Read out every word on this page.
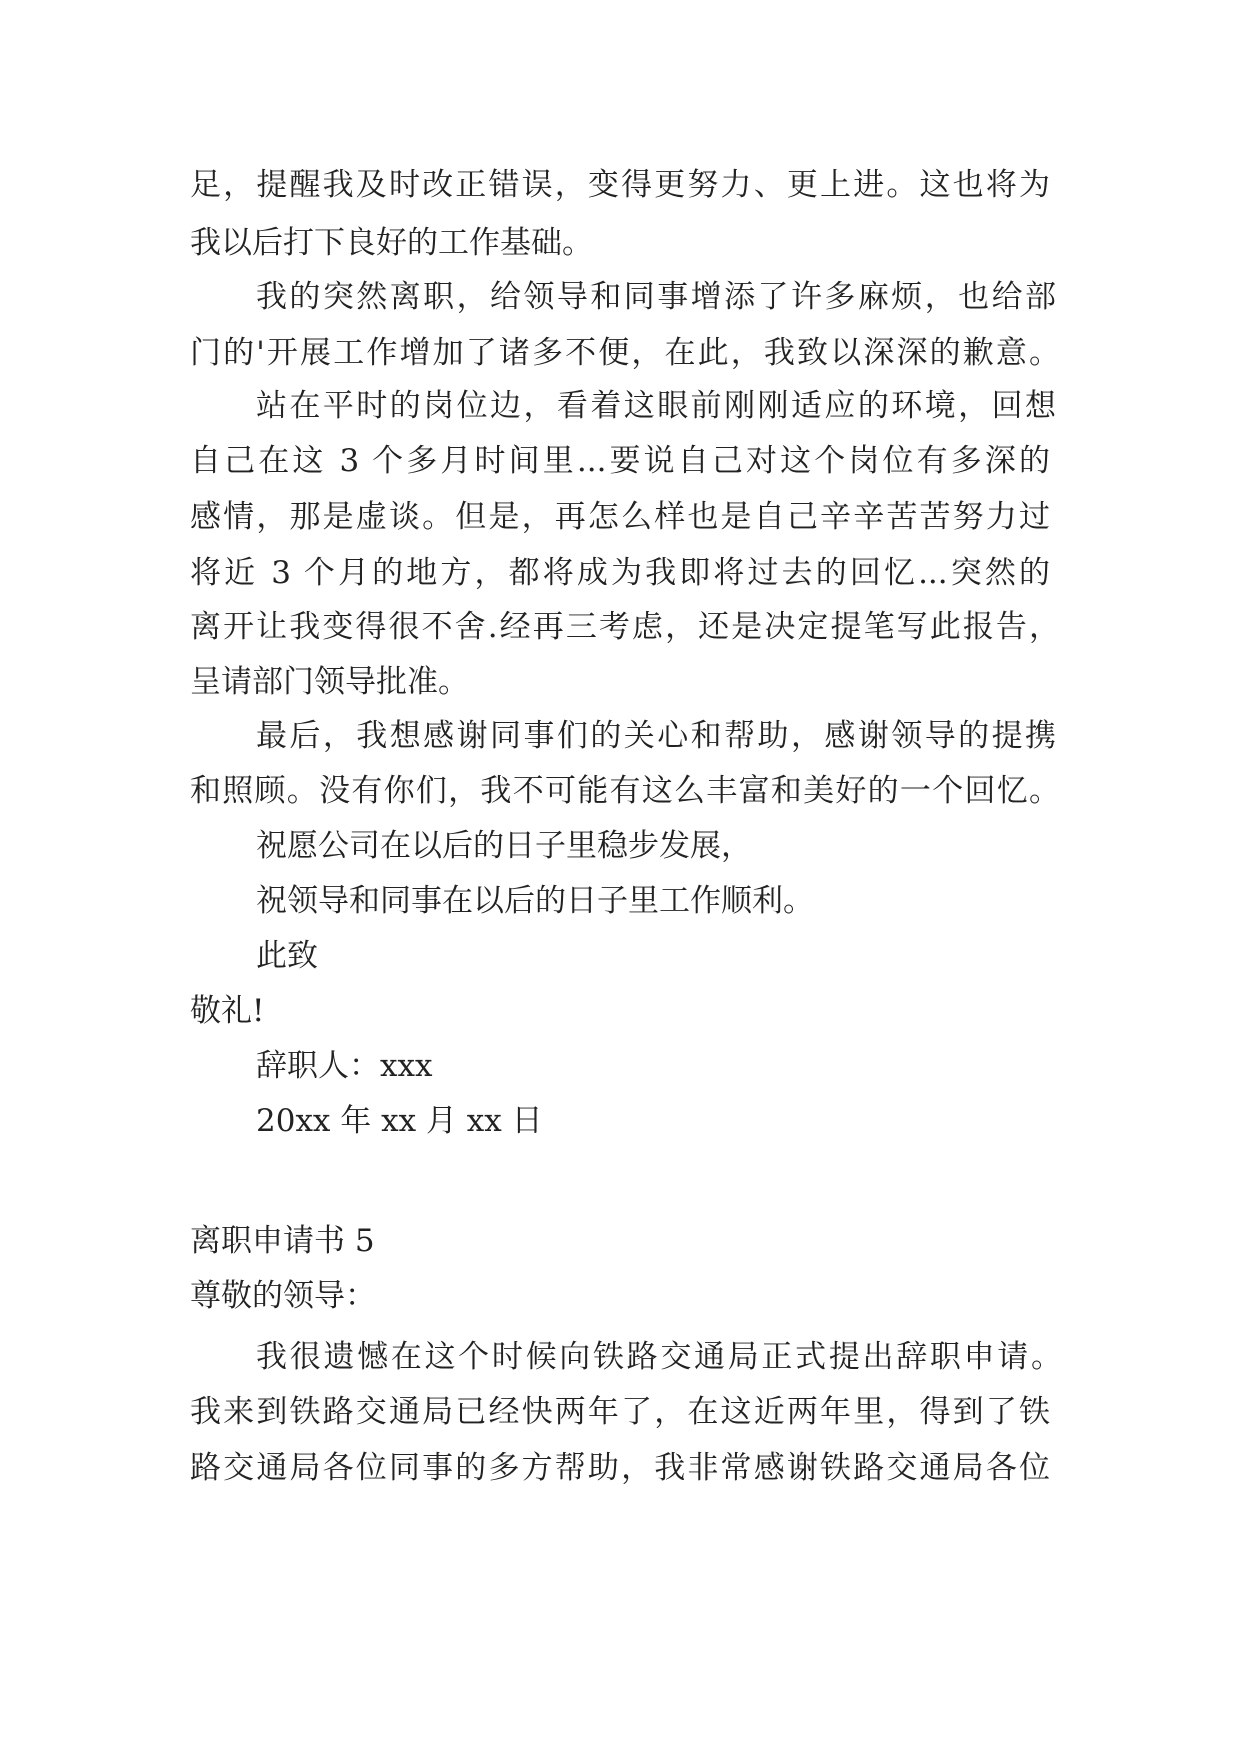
足，提醒我及时改正错误，变得更努力、更上进。这也将为

我以后打下良好的工作基础。

我的突然离职，给领导和同事增添了许多麻烦，也给部

门的'开展工作增加了诸多不便，在此，我致以深深的歉意。

站在平时的岗位边，看着这眼前刚刚适应的环境，回想

自己在这 3 个多月时间里...要说自己对这个岗位有多深的

感情，那是虚谈。但是，再怎么样也是自己辛辛苦苦努力过

将近 3 个月的地方，都将成为我即将过去的回忆...突然的

离开让我变得很不舍.经再三考虑，还是决定提笔写此报告，

呈请部门领导批准。

最后，我想感谢同事们的关心和帮助，感谢领导的提携

和照顾。没有你们，我不可能有这么丰富和美好的一个回忆。

祝愿公司在以后的日子里稳步发展，

祝领导和同事在以后的日子里工作顺利。

此致

敬礼!

辞职人：xxx

20xx 年 xx 月 xx 日

离职申请书 5

尊敬的领导：

我很遗憾在这个时候向铁路交通局正式提出辞职申请。

我来到铁路交通局已经快两年了，在这近两年里，得到了铁

路交通局各位同事的多方帮助，我非常感谢铁路交通局各位
